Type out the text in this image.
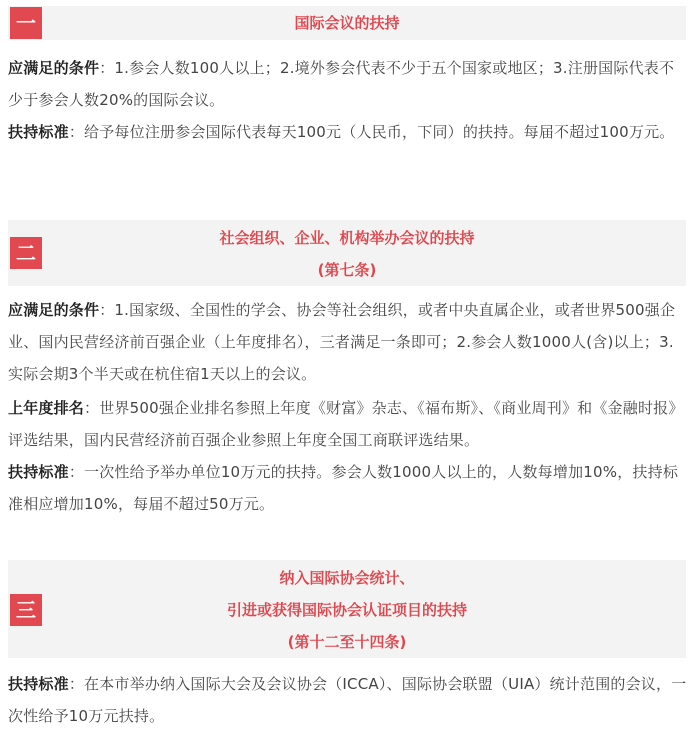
一	国际会议的扶持
应满足的条件：1.参会人数100人以上；2.境外参会代表不少于五个国家或地区；3.注册国际代表不少于参会人数20%的国际会议。
扶持标准：给予每位注册参会国际代表每天100元（人民币，下同）的扶持。每届不超过100万元。
二
社会组织、企业、机构举办会议的扶持
(第七条)
应满足的条件：1.国家级、全国性的学会、协会等社会组织，或者中央直属企业，或者世界500强企业、国内民营经济前百强企业（上年度排名），三者满足一条即可；2.参会人数1000人(含)以上；3.实际会期3个半天或在杭住宿1天以上的会议。
上年度排名：世界500强企业排名参照上年度《财富》杂志、《福布斯》、《商业周刊》和《金融时报》评选结果，国内民营经济前百强企业参照上年度全国工商联评选结果。
扶持标准：一次性给予举办单位10万元的扶持。参会人数1000人以上的，人数每增加10%，扶持标准相应增加10%，每届不超过50万元。
三
纳入国际协会统计、
引进或获得国际协会认证项目的扶持
(第十二至十四条)
扶持标准：在本市举办纳入国际大会及会议协会（ICCA）、国际协会联盟（UIA）统计范围的会议，一次性给予10万元扶持。
